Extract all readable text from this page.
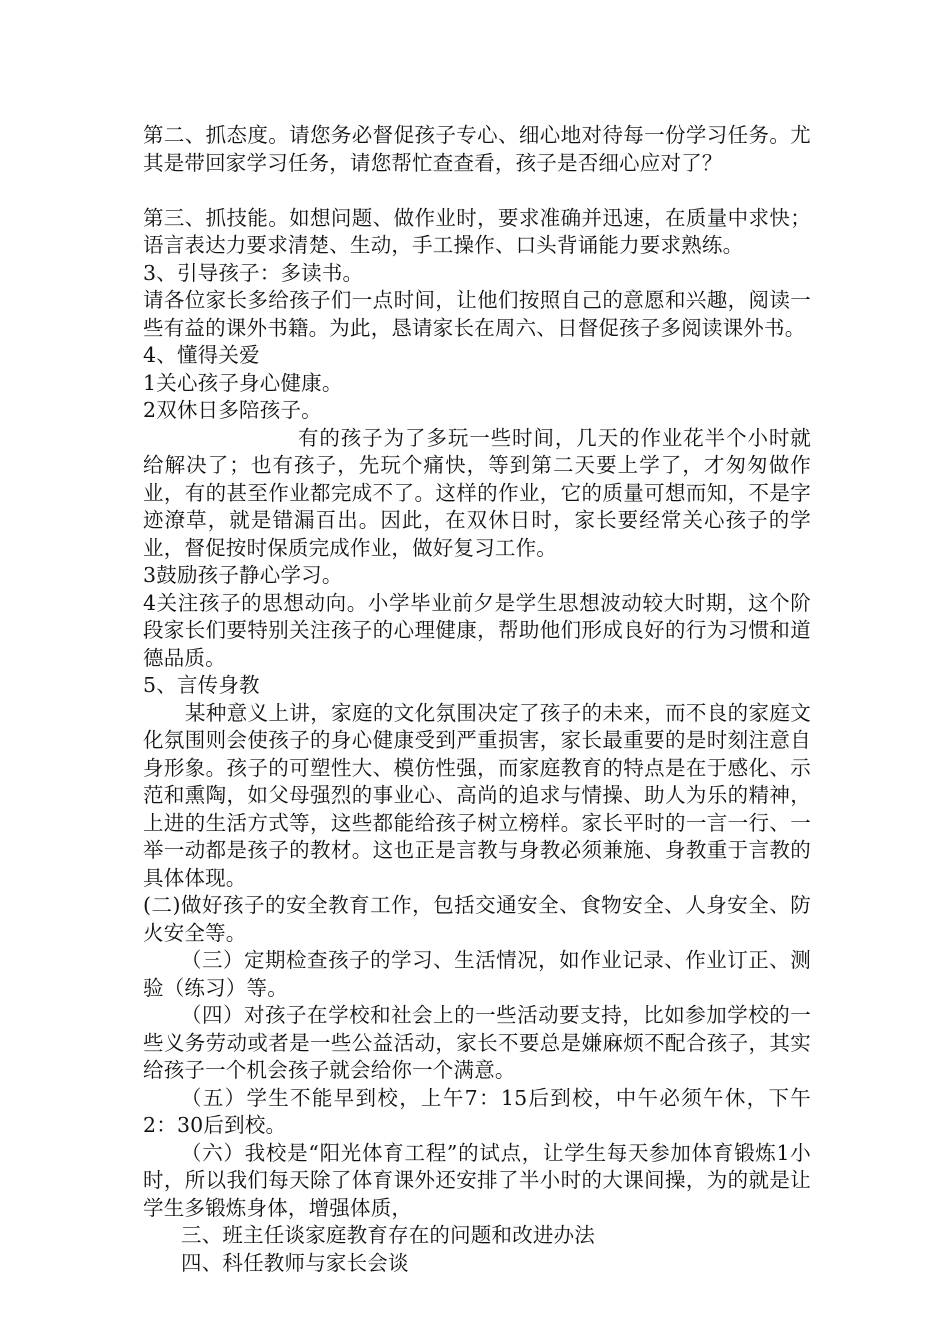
第二、抓态度。请您务必督促孩子专心、细心地对待每一份学习任务。尤其是带回家学习任务，请您帮忙查查看，孩子是否细心应对了？

第三、抓技能。如想问题、做作业时，要求准确并迅速，在质量中求快；语言表达力要求清楚、生动，手工操作、口头背诵能力要求熟练。

3、引导孩子：多读书。

请各位家长多给孩子们一点时间，让他们按照自己的意愿和兴趣，阅读一些有益的课外书籍。为此，恳请家长在周六、日督促孩子多阅读课外书。

4、懂得关爱

1关心孩子身心健康。

2双休日多陪孩子。

有的孩子为了多玩一些时间，几天的作业花半个小时就给解决了；也有孩子，先玩个痛快，等到第二天要上学了，才匆匆做作业，有的甚至作业都完成不了。这样的作业，它的质量可想而知，不是字迹潦草，就是错漏百出。因此，在双休日时，家长要经常关心孩子的学业，督促按时保质完成作业，做好复习工作。

3鼓励孩子静心学习。

4关注孩子的思想动向。小学毕业前夕是学生思想波动较大时期，这个阶段家长们要特别关注孩子的心理健康，帮助他们形成良好的行为习惯和道德品质。

5、言传身教

某种意义上讲，家庭的文化氛围决定了孩子的未来，而不良的家庭文化氛围则会使孩子的身心健康受到严重损害，家长最重要的是时刻注意自身形象。孩子的可塑性大、模仿性强，而家庭教育的特点是在于感化、示范和熏陶，如父母强烈的事业心、高尚的追求与情操、助人为乐的精神，上进的生活方式等，这些都能给孩子树立榜样。家长平时的一言一行、一举一动都是孩子的教材。这也正是言教与身教必须兼施、身教重于言教的具体体现。

(二)做好孩子的安全教育工作，包括交通安全、食物安全、人身安全、防火安全等。

（三）定期检查孩子的学习、生活情况，如作业记录、作业订正、测验（练习）等。

（四）对孩子在学校和社会上的一些活动要支持，比如参加学校的一些义务劳动或者是一些公益活动，家长不要总是嫌麻烦不配合孩子，其实给孩子一个机会孩子就会给你一个满意。

（五）学生不能早到校，上午7：15后到校，中午必须午休，下午2：30后到校。

（六）我校是“阳光体育工程”的试点，让学生每天参加体育锻炼1小时，所以我们每天除了体育课外还安排了半小时的大课间操，为的就是让学生多锻炼身体，增强体质，

三、班主任谈家庭教育存在的问题和改进办法

四、科任教师与家长会谈
